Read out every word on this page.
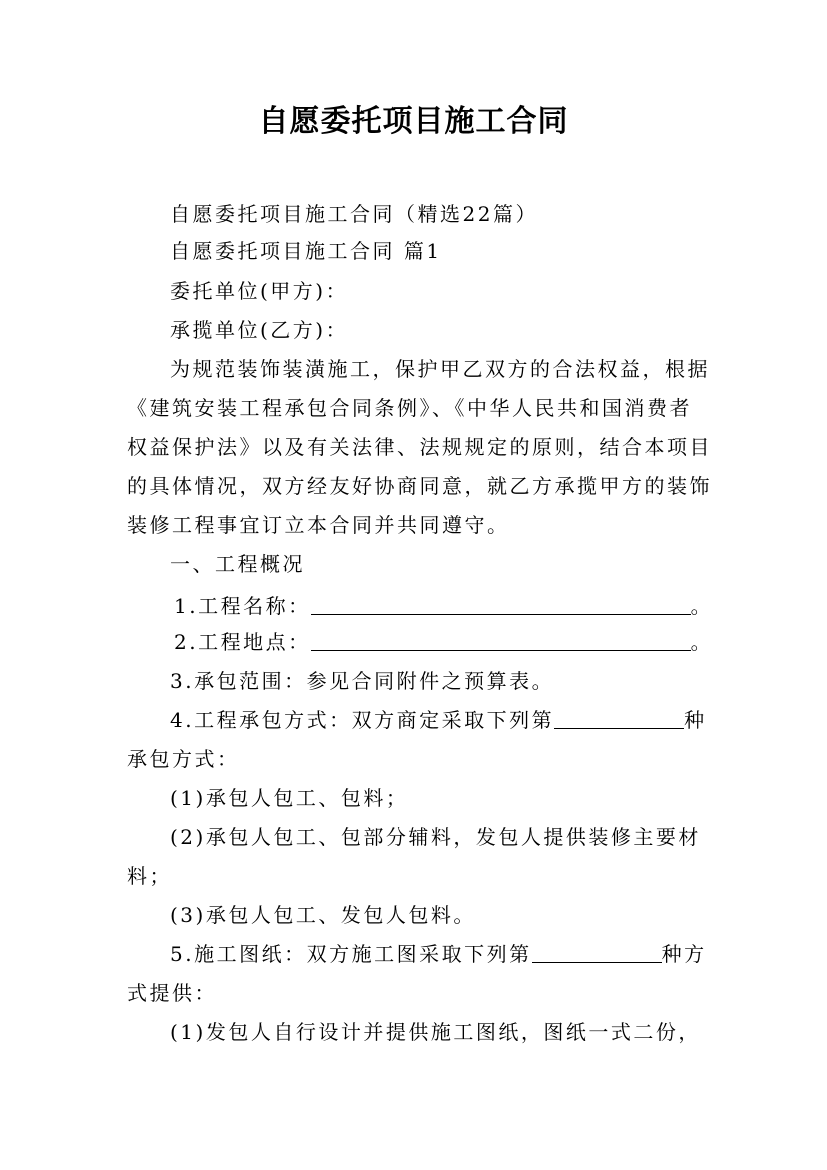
自愿委托项目施工合同
自愿委托项目施工合同（精选22篇）
自愿委托项目施工合同 篇1
委托单位(甲方)：
承揽单位(乙方)：
为规范装饰装潢施工，保护甲乙双方的合法权益，根据
《建筑安装工程承包合同条例》、《中华人民共和国消费者
权益保护法》以及有关法律、法规规定的原则，结合本项目
的具体情况，双方经友好协商同意，就乙方承揽甲方的装饰
装修工程事宜订立本合同并共同遵守。
一、工程概况
1.工程名称：	。
2.工程地点：	。
3.承包范围：参见合同附件之预算表。
4.工程承包方式：双方商定采取下列第	种
承包方式：
(1)承包人包工、包料；
(2)承包人包工、包部分辅料，发包人提供装修主要材
料；
(3)承包人包工、发包人包料。
5.施工图纸：双方施工图采取下列第	种方
式提供：
(1)发包人自行设计并提供施工图纸，图纸一式二份，
